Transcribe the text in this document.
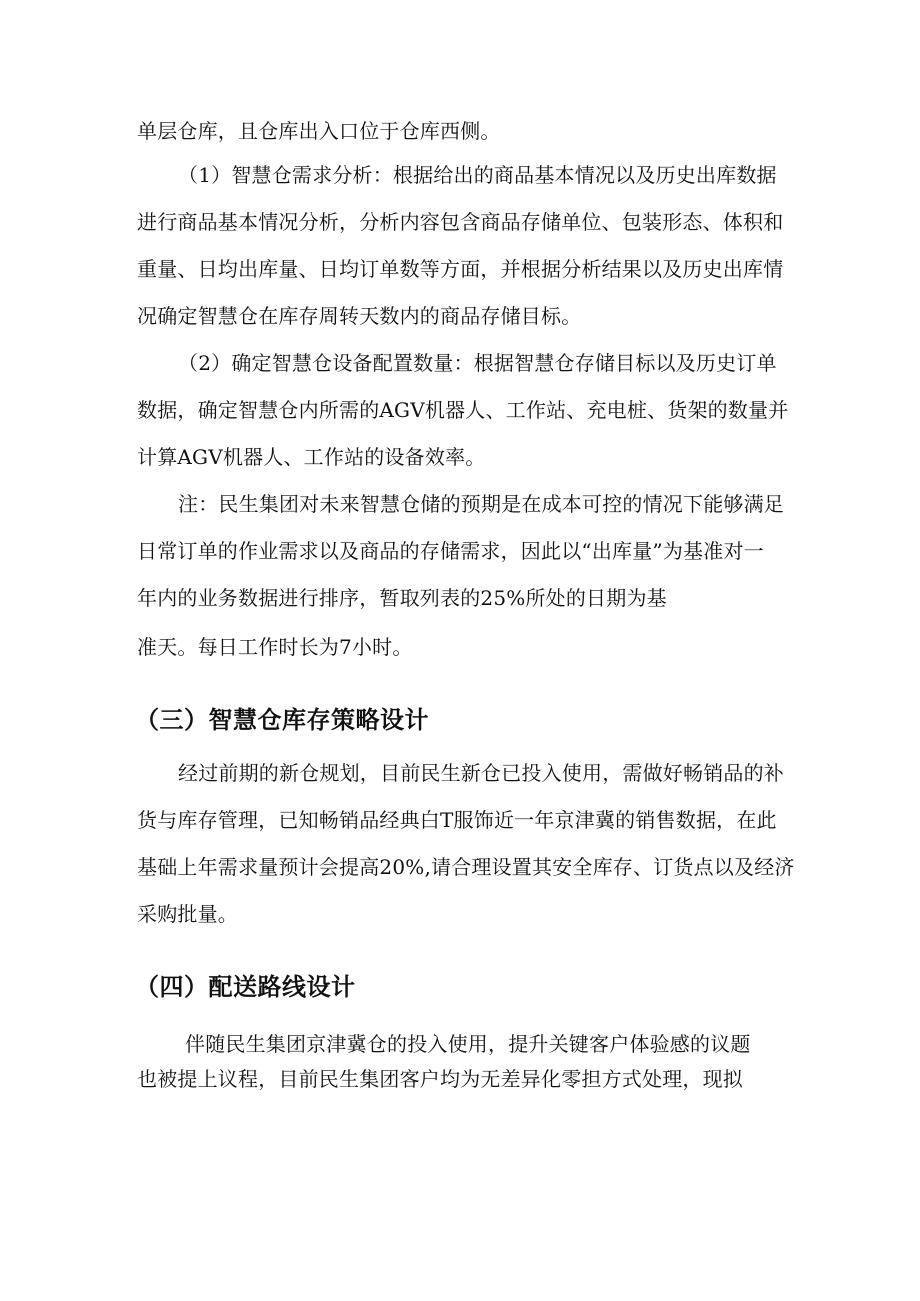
单层仓库，且仓库出入口位于仓库西侧。

（1）智慧仓需求分析：根据给出的商品基本情况以及历史出库数据

进行商品基本情况分析，分析内容包含商品存储单位、包装形态、体积和

重量、日均出库量、日均订单数等方面，并根据分析结果以及历史出库情

况确定智慧仓在库存周转天数内的商品存储目标。

（2）确定智慧仓设备配置数量：根据智慧仓存储目标以及历史订单

数据，确定智慧仓内所需的AGV机器人、工作站、充电桩、货架的数量并

计算AGV机器人、工作站的设备效率。

注：民生集团对未来智慧仓储的预期是在成本可控的情况下能够满足

日常订单的作业需求以及商品的存储需求，因此以“出库量”为基准对一

年内的业务数据进行排序，暂取列表的25%所处的日期为基

准天。每日工作时长为7小时。

（三）智慧仓库存策略设计

经过前期的新仓规划，目前民生新仓已投入使用，需做好畅销品的补

货与库存管理，已知畅销品经典白T服饰近一年京津冀的销售数据，在此

基础上年需求量预计会提高20%,请合理设置其安全库存、订货点以及经济

采购批量。

（四）配送路线设计

伴随民生集团京津冀仓的投入使用，提升关键客户体验感的议题

也被提上议程，目前民生集团客户均为无差异化零担方式处理，现拟
